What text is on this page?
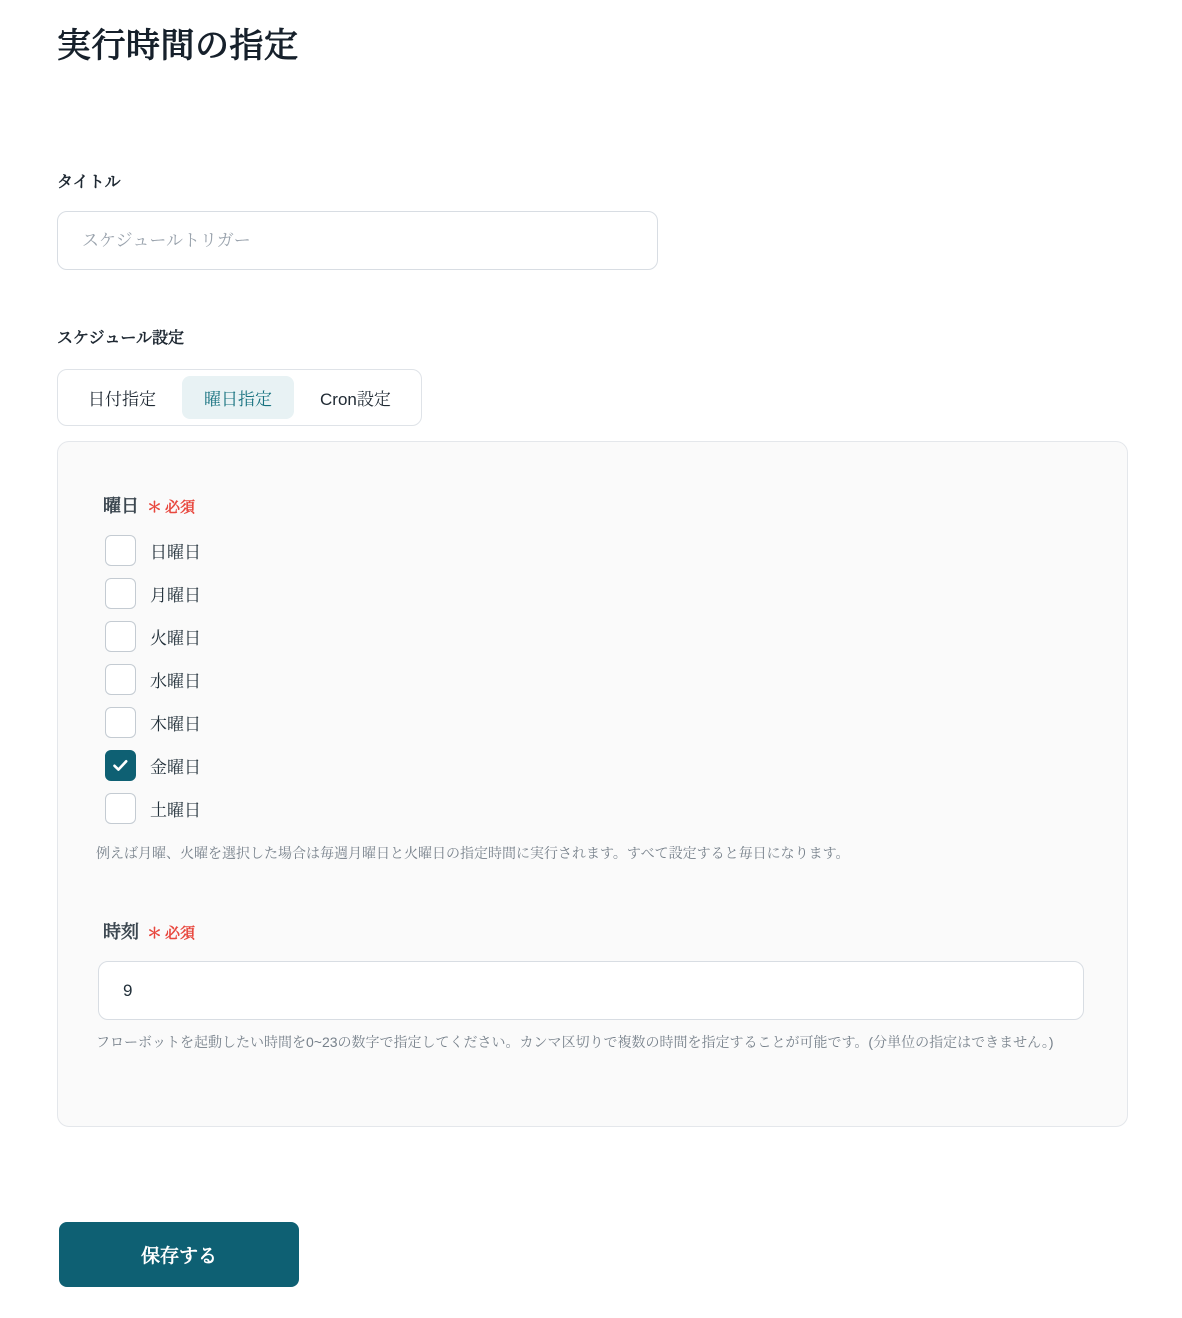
実行時間の指定
タイトル
スケジュールトリガー
スケジュール設定
日付指定	曜日指定	Cron設定
曜日 ＊ 必須
日曜日
月曜日
火曜日
水曜日
木曜日
金曜日
土曜日
例えば月曜、火曜を選択した場合は毎週月曜日と火曜日の指定時間に実行されます。すべて設定すると毎日になります。
時刻 ＊ 必須
9
フローボットを起動したい時間を0~23の数字で指定してください。カンマ区切りで複数の時間を指定することが可能です。(分単位の指定はできません。)
保存する
